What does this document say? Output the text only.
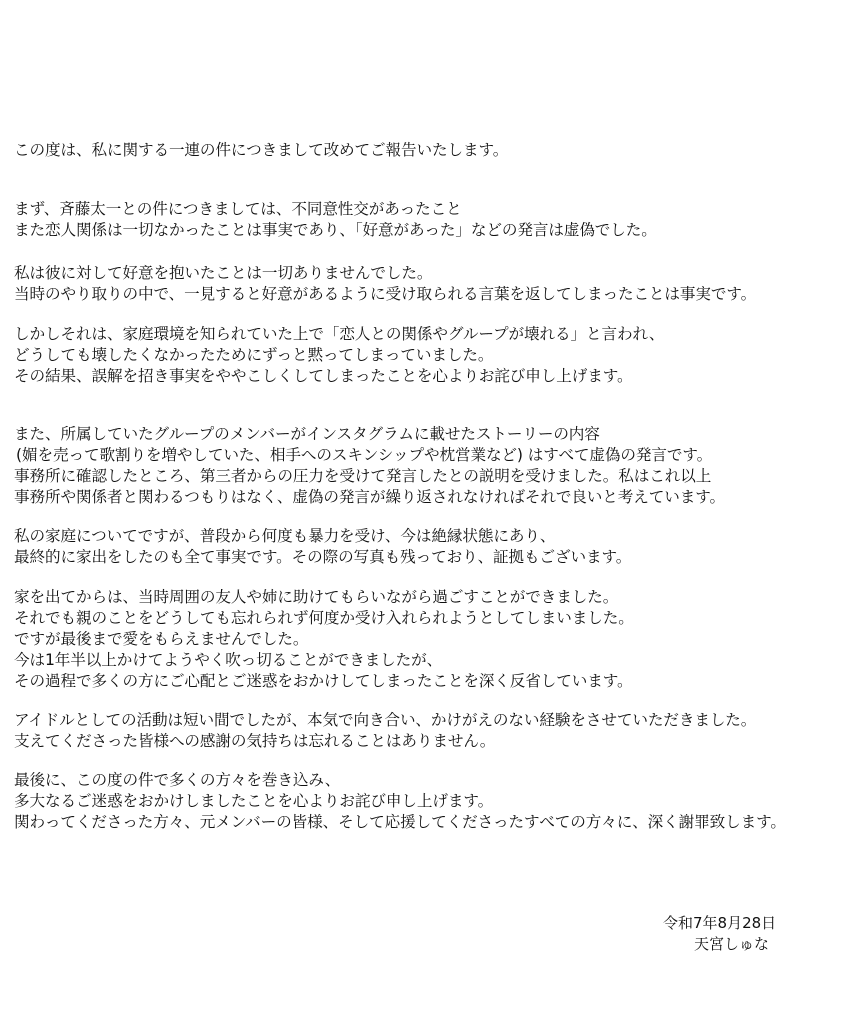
この度は、私に関する一連の件につきまして改めてご報告いたします。
まず、斉藤太一との件につきましては、不同意性交があったこと
また恋人関係は一切なかったことは事実であり、「好意があった」などの発言は虚偽でした。
私は彼に対して好意を抱いたことは一切ありませんでした。
当時のやり取りの中で、一見すると好意があるように受け取られる言葉を返してしまったことは事実です。
しかしそれは、家庭環境を知られていた上で「恋人との関係やグループが壊れる」と言われ、
どうしても壊したくなかったためにずっと黙ってしまっていました。
その結果、誤解を招き事実をややこしくしてしまったことを心よりお詫び申し上げます。
また、所属していたグループのメンバーがインスタグラムに載せたストーリーの内容
(媚を売って歌割りを増やしていた、相手へのスキンシップや枕営業など) はすべて虚偽の発言です。
事務所に確認したところ、第三者からの圧力を受けて発言したとの説明を受けました。私はこれ以上
事務所や関係者と関わるつもりはなく、虚偽の発言が繰り返されなければそれで良いと考えています。
私の家庭についてですが、普段から何度も暴力を受け、今は絶縁状態にあり、
最終的に家出をしたのも全て事実です。その際の写真も残っており、証拠もございます。
家を出てからは、当時周囲の友人や姉に助けてもらいながら過ごすことができました。
それでも親のことをどうしても忘れられず何度か受け入れられようとしてしまいました。
ですが最後まで愛をもらえませんでした。
今は1年半以上かけてようやく吹っ切ることができましたが、
その過程で多くの方にご心配とご迷惑をおかけしてしまったことを深く反省しています。
アイドルとしての活動は短い間でしたが、本気で向き合い、かけがえのない経験をさせていただきました。
支えてくださった皆様への感謝の気持ちは忘れることはありません。
最後に、この度の件で多くの方々を巻き込み、
多大なるご迷惑をおかけしましたことを心よりお詫び申し上げます。
関わってくださった方々、元メンバーの皆様、そして応援してくださったすべての方々に、深く謝罪致します。
令和7年8月28日
天宮しゅな
